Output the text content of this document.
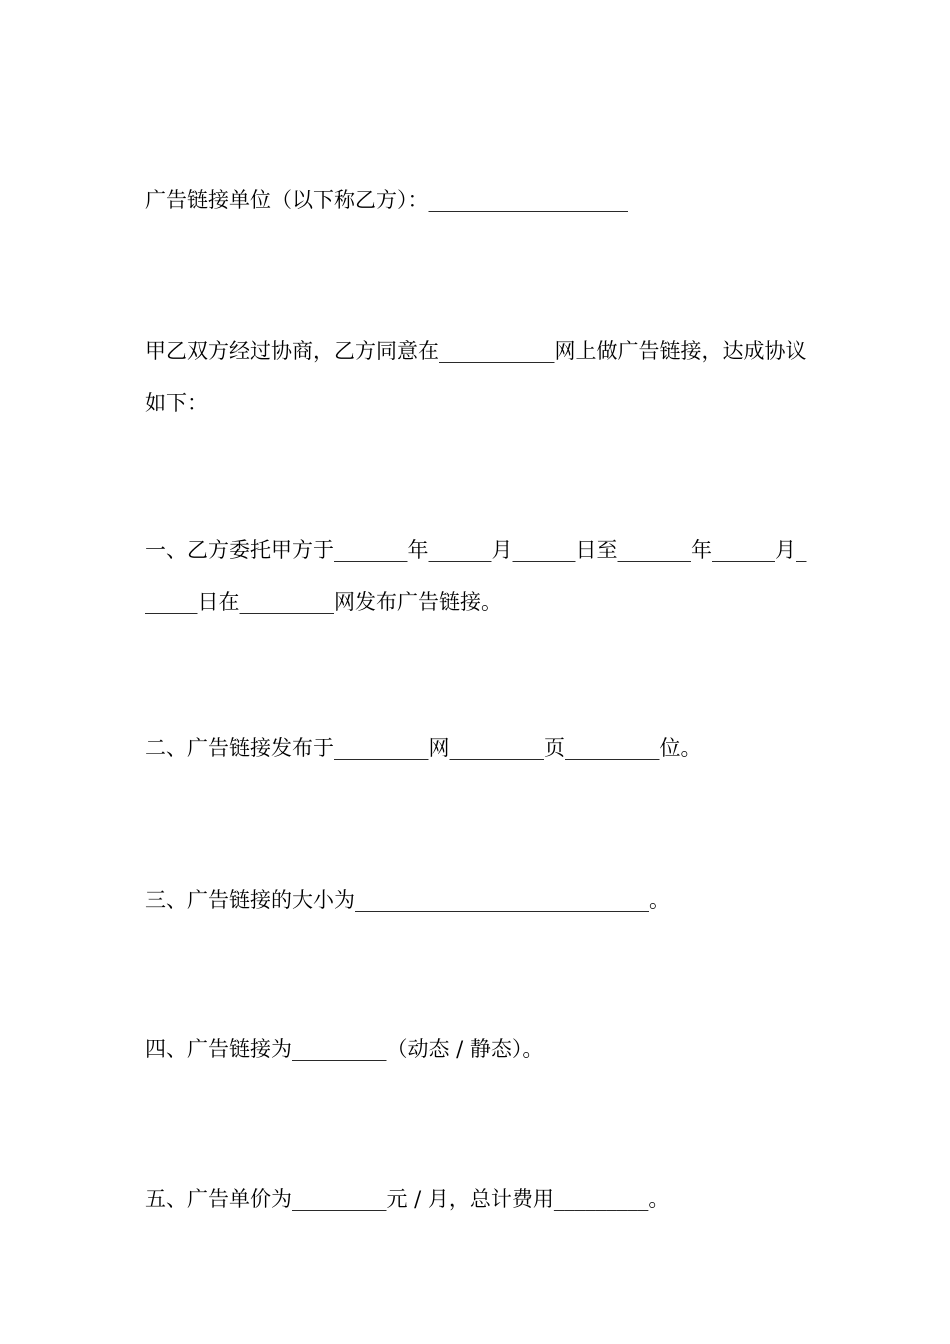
广告链接单位（以下称乙方）：___________________

甲乙双方经过协商，乙方同意在___________网上做广告链接，达成协议如下：

一、乙方委托甲方于_______年______月______日至_______年______月______日在_________网发布广告链接。

二、广告链接发布于_________网_________页_________位。

三、广告链接的大小为____________________________。

四、广告链接为_________（动态 / 静态）。

五、广告单价为_________元 / 月，总计费用_________。
